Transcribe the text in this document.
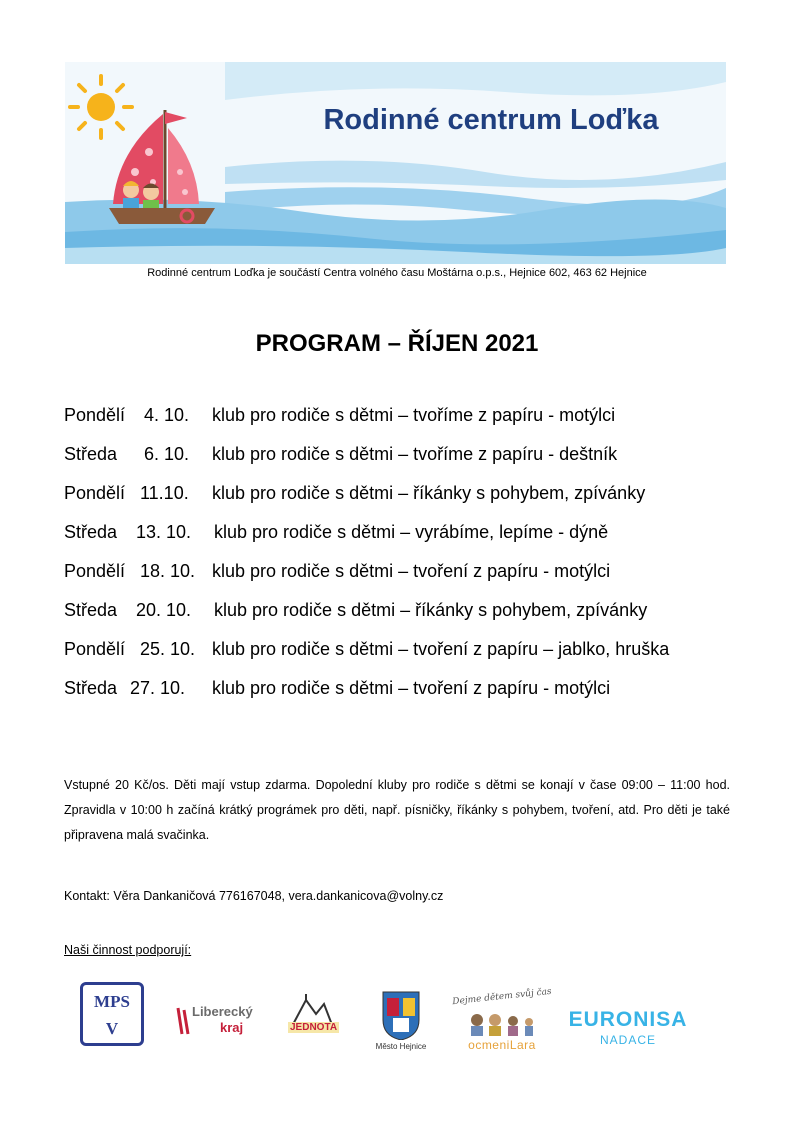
Rodinné centrum Loďka
Rodinné centrum Loďka je součástí Centra volného času Moštárna o.p.s., Hejnice 602, 463 62 Hejnice
PROGRAM – ŘÍJEN 2021
Pondělí 4. 10. klub pro rodiče s dětmi – tvoříme z papíru - motýlci
Středa 6. 10. klub pro rodiče s dětmi – tvoříme z papíru - deštník
Pondělí 11.10. klub pro rodiče s dětmi – říkánky s pohybem, zpívánky
Středa 13. 10. klub pro rodiče s dětmi – vyrábíme, lepíme - dýně
Pondělí 18. 10. klub pro rodiče s dětmi – tvoření z papíru - motýlci
Středa 20. 10. klub pro rodiče s dětmi – říkánky s pohybem, zpívánky
Pondělí 25. 10. klub pro rodiče s dětmi – tvoření z papíru – jablko, hruška
Středa 27. 10. klub pro rodiče s dětmi – tvoření z papíru - motýlci
Vstupné 20 Kč/os. Děti mají vstup zdarma. Dopolední kluby pro rodiče s dětmi se konají v čase 09:00 – 11:00 hod. Zpravidla v 10:00 h začíná krátký prográmek pro děti, např. písničky, říkánky s pohybem, tvoření, atd. Pro děti je také připravena malá svačinka.
Kontakt: Věra Dankaničová 776167048, vera.dankanicova@volny.cz
Naši činnost podporují:
MPSV
Liberecký
kraj	JEDNOTA
Město Hejnice
Dejme dětem svůj čas
ocmeniLara
EURONISA
NADACE
